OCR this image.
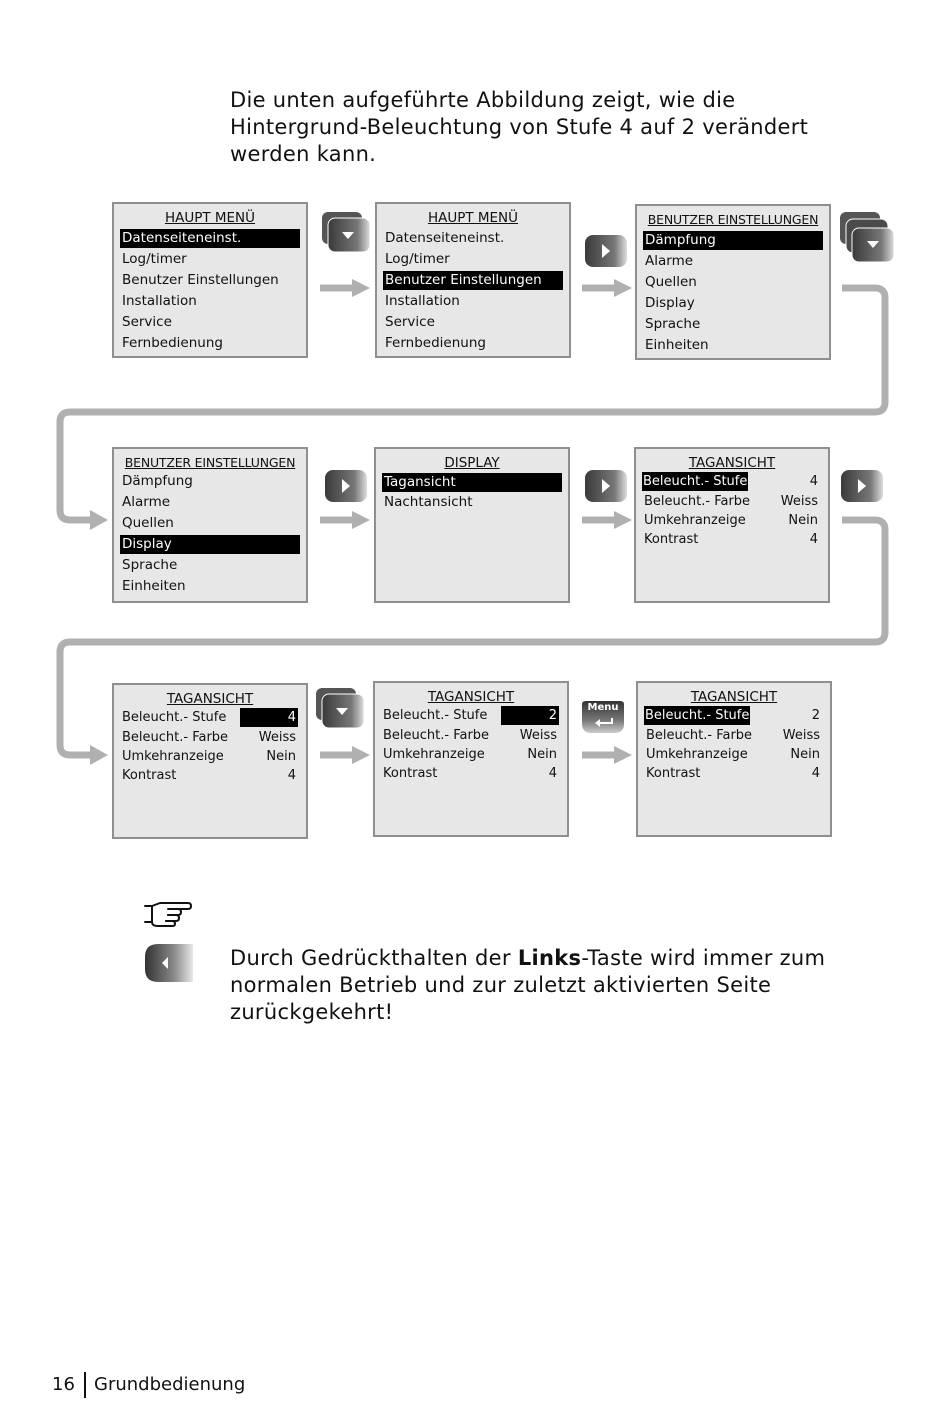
Die unten aufgeführte Abbildung zeigt, wie die Hintergrund-Beleuchtung von Stufe 4 auf 2 verändert werden kann.
HAUPT MENÜ
Datenseiteneinst.
Log/timer
Benutzer Einstellungen
Installation
Service
Fernbedienung
HAUPT MENÜ
Datenseiteneinst.
Log/timer
Benutzer Einstellungen
Installation
Service
Fernbedienung
BENUTZER EINSTELLUNGEN
Dämpfung
Alarme
Quellen
Display
Sprache
Einheiten
BENUTZER EINSTELLUNGEN
Dämpfung
Alarme
Quellen
Display
Sprache
Einheiten
DISPLAY
Tagansicht
Nachtansicht
TAGANSICHT
Beleucht.- Stufe	4
Beleucht.- Farbe Weiss
Umkehranzeige	Nein
Kontrast	4
TAGANSICHT
Beleucht.- Stufe	4
Beleucht.- Farbe Weiss
Umkehranzeige	Nein
Kontrast	4
TAGANSICHT
Beleucht.- Stufe	2
Beleucht.- Farbe Weiss
Umkehranzeige	Nein
Kontrast	4
TAGANSICHT
Beleucht.- Stufe	2
Beleucht.- Farbe Weiss
Umkehranzeige	Nein
Kontrast	4
Menu
Durch Gedrückthalten der Links-Taste wird immer zum normalen Betrieb und zur zuletzt aktivierten Seite zurückgekehrt!
16 Grundbedienung
